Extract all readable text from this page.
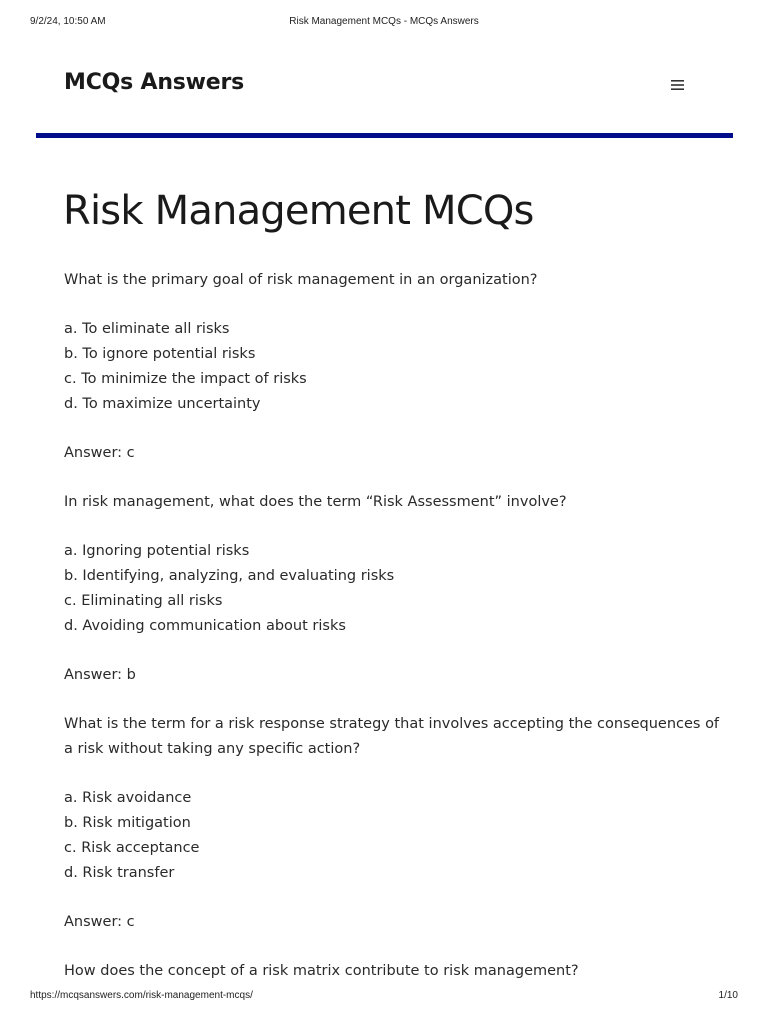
9/2/24, 10:50 AM	Risk Management MCQs - MCQs Answers
MCQs Answers
Risk Management MCQs

What is the primary goal of risk management in an organization?

a. To eliminate all risks
b. To ignore potential risks
c. To minimize the impact of risks
d. To maximize uncertainty

Answer: c

In risk management, what does the term “Risk Assessment” involve?

a. Ignoring potential risks
b. Identifying, analyzing, and evaluating risks
c. Eliminating all risks
d. Avoiding communication about risks

Answer: b

What is the term for a risk response strategy that involves accepting the consequences of a risk without taking any specific action?

a. Risk avoidance
b. Risk mitigation
c. Risk acceptance
d. Risk transfer

Answer: c

How does the concept of a risk matrix contribute to risk management?

https://mcqsanswers.com/risk-management-mcqs/	1/10
